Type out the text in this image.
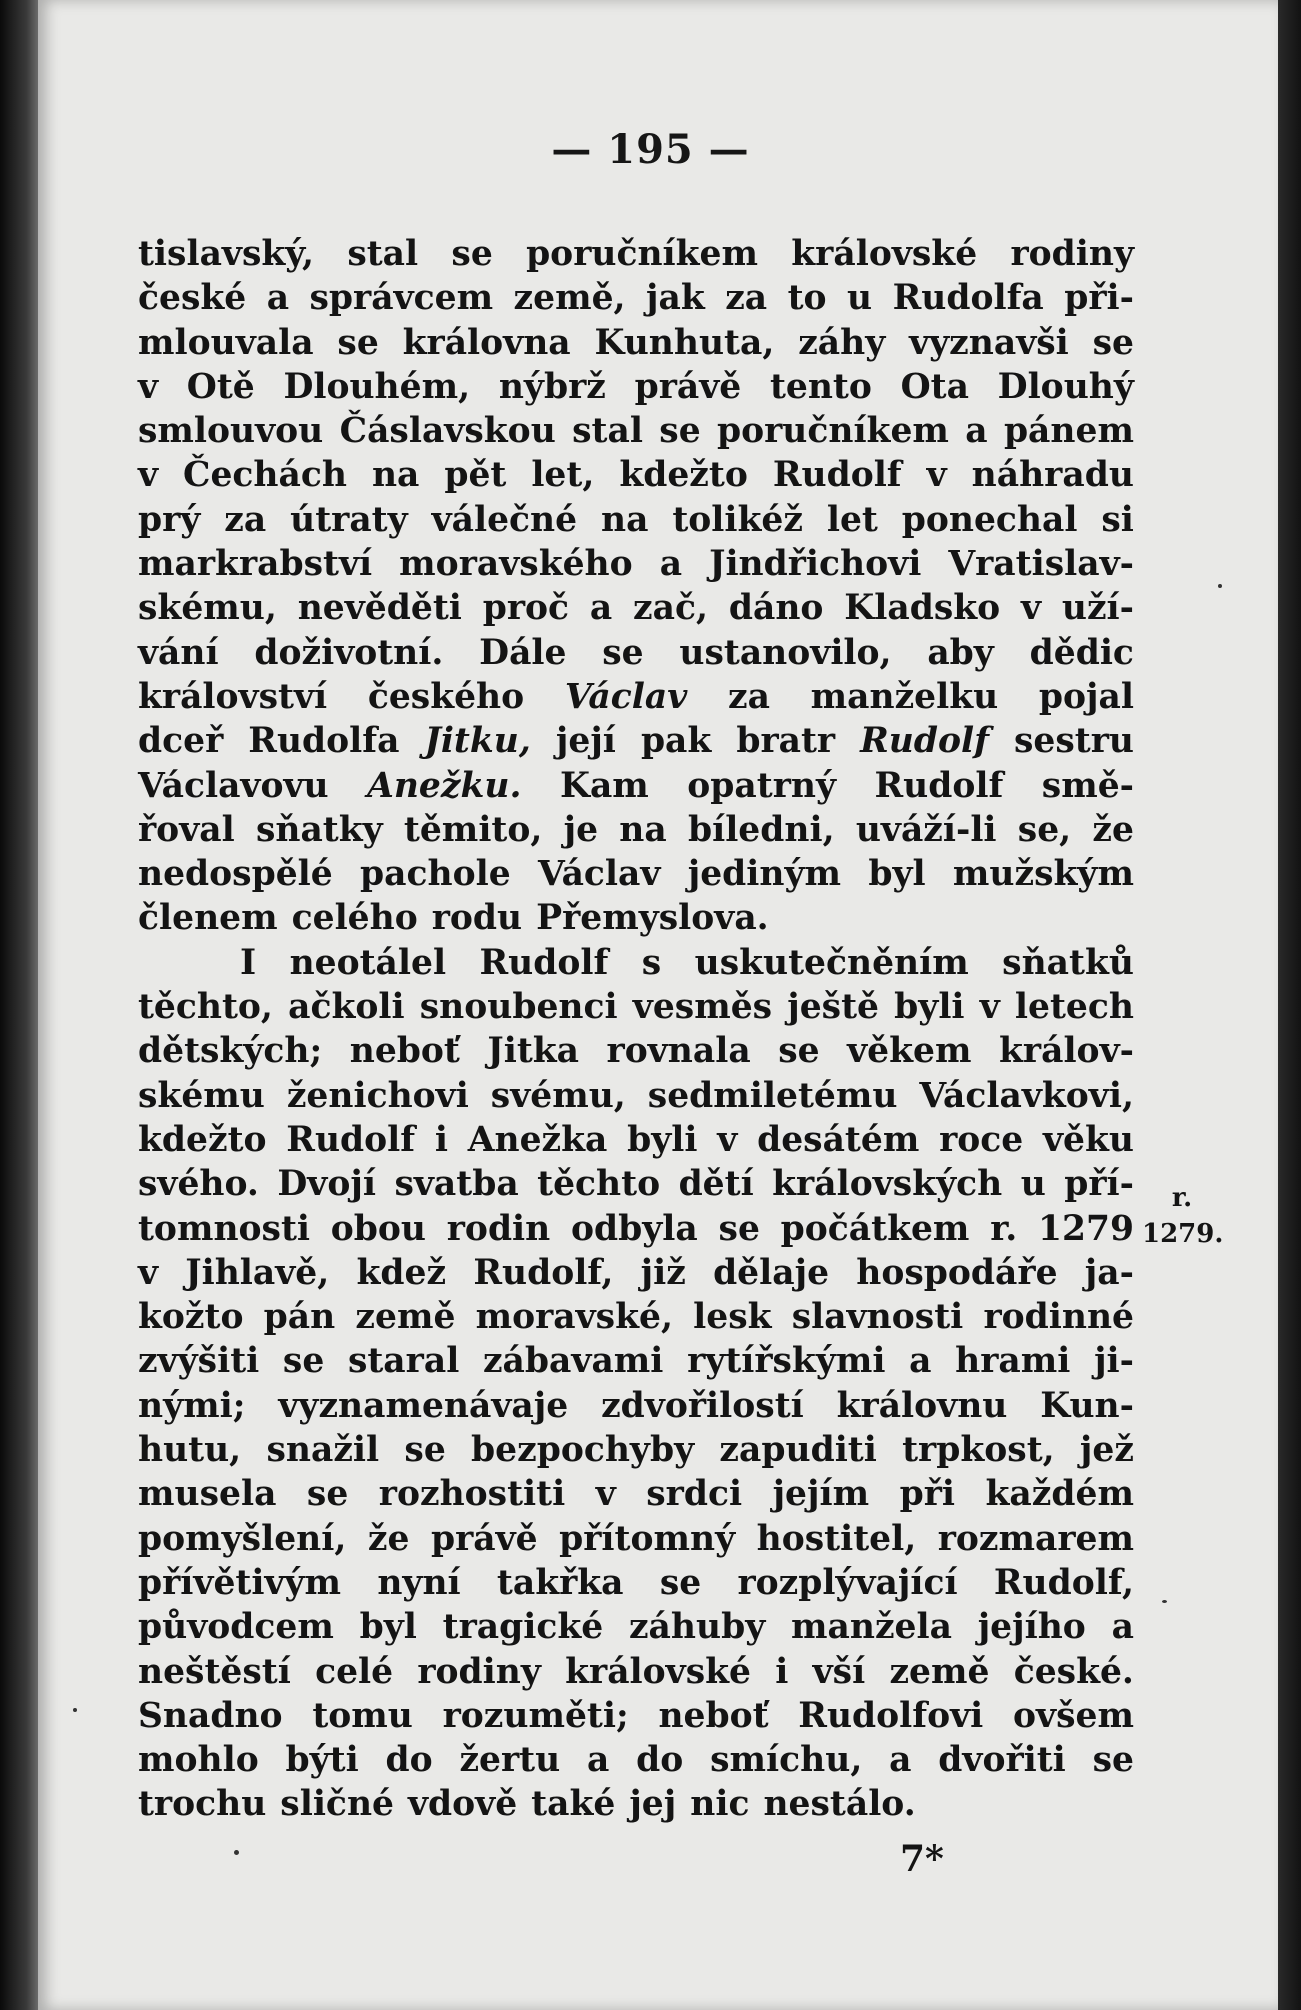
— 195 —
tislavský, stal se poručníkem královské rodiny
české a správcem země, jak za to u Rudolfa při-
mlouvala se královna Kunhuta, záhy vyznavši se
v Otě Dlouhém, nýbrž právě tento Ota Dlouhý
smlouvou Čáslavskou stal se poručníkem a pánem
v Čechách na pět let, kdežto Rudolf v náhradu
prý za útraty válečné na tolikéž let ponechal si
markrabství moravského a Jindřichovi Vratislav-
skému, nevěděti proč a zač, dáno Kladsko v uží-
vání doživotní. Dále se ustanovilo, aby dědic
království českého Václav za manželku pojal
dceř Rudolfa Jitku, její pak bratr Rudolf sestru
Václavovu Anežku. Kam opatrný Rudolf smě-
řoval sňatky těmito, je na bíledni, uváží-li se, že
nedospělé pachole Václav jediným byl mužským
členem celého rodu Přemyslova.
I neotálel Rudolf s uskutečněním sňatků
těchto, ačkoli snoubenci vesměs ještě byli v letech
dětských; neboť Jitka rovnala se věkem králov-
skému ženichovi svému, sedmiletému Václavkovi,
kdežto Rudolf i Anežka byli v desátém roce věku
svého. Dvojí svatba těchto dětí královských u pří-
tomnosti obou rodin odbyla se počátkem r. 1279
v Jihlavě, kdež Rudolf, již dělaje hospodáře ja-
kožto pán země moravské, lesk slavnosti rodinné
zvýšiti se staral zábavami rytířskými a hrami ji-
nými; vyznamenávaje zdvořilostí královnu Kun-
hutu, snažil se bezpochyby zapuditi trpkost, jež
musela se rozhostiti v srdci jejím při každém
pomyšlení, že právě přítomný hostitel, rozmarem
přívětivým nyní takřka se rozplývající Rudolf,
původcem byl tragické záhuby manžela jejího a
neštěstí celé rodiny královské i vší země české.
Snadno tomu rozuměti; neboť Rudolfovi ovšem
mohlo býti do žertu a do smíchu, a dvořiti se
trochu sličné vdově také jej nic nestálo.
r.
1279.
7*
